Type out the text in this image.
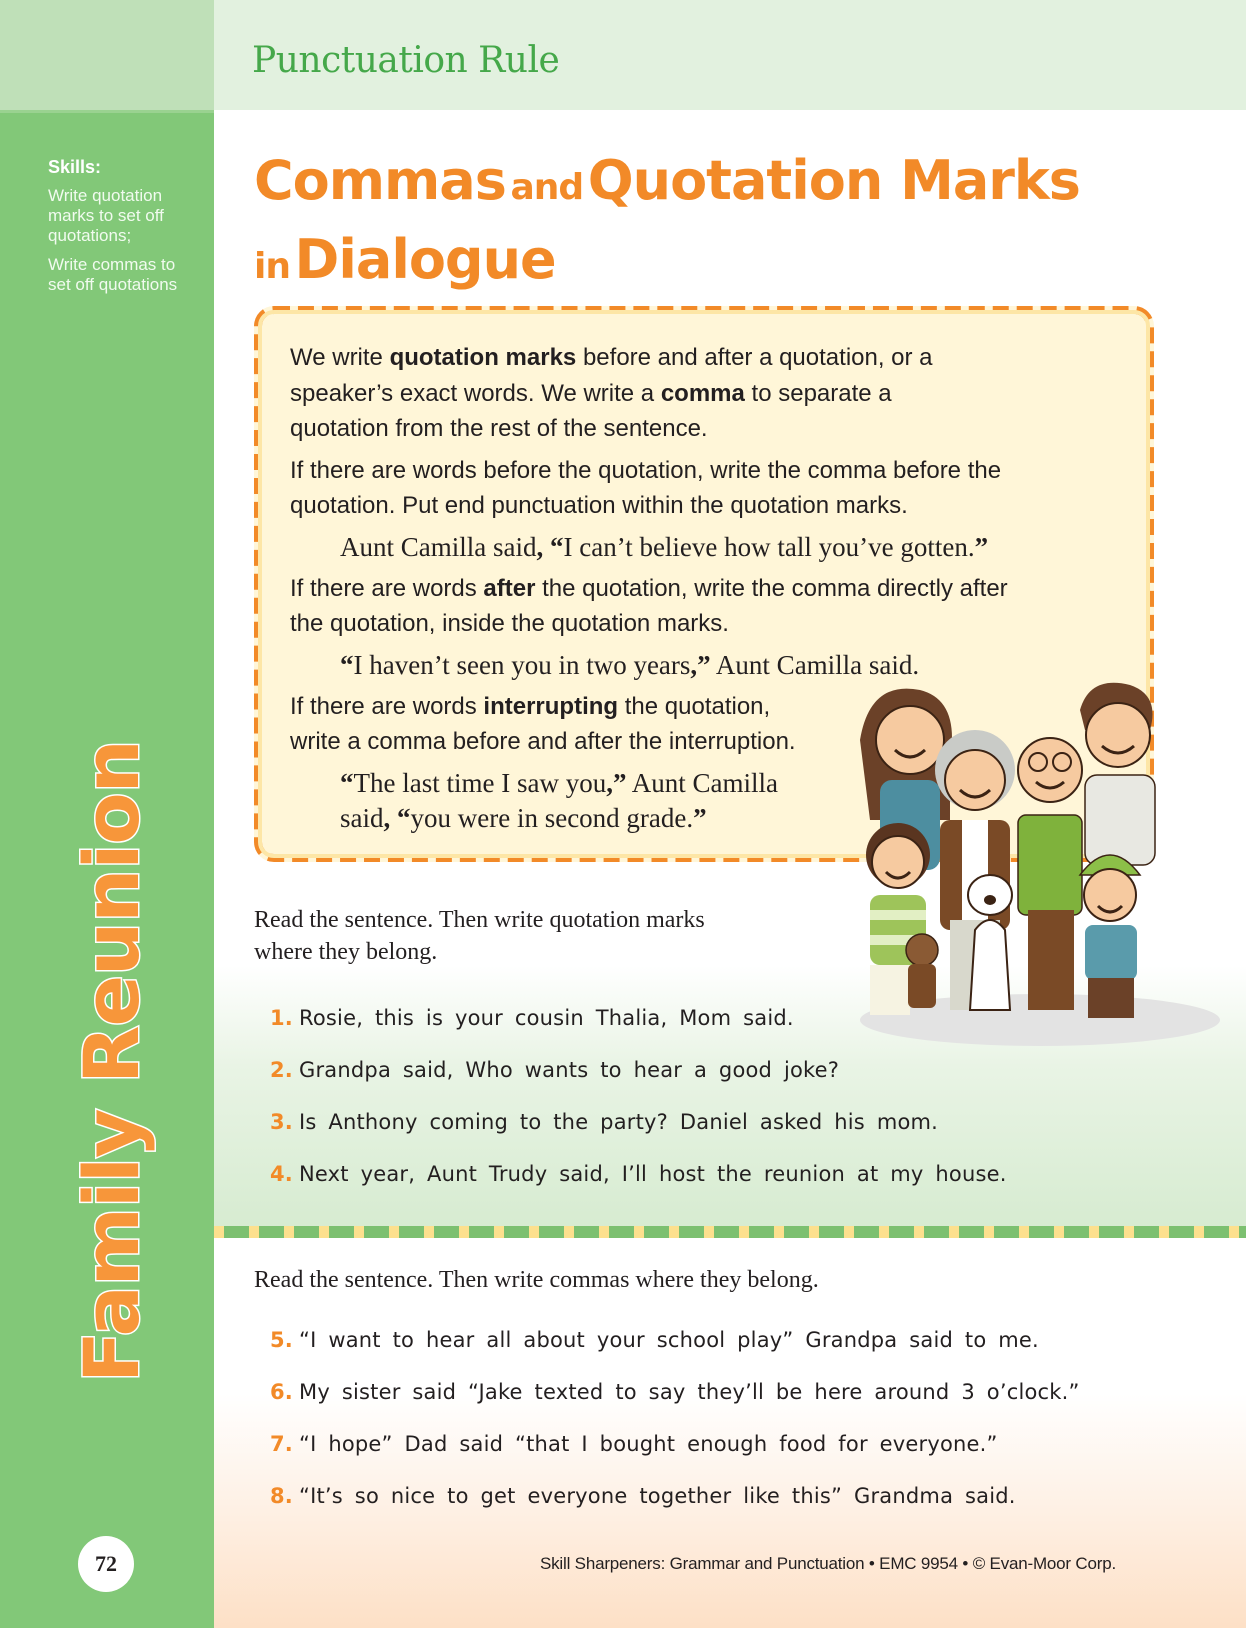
Skills:
Write quotation marks to set off quotations;
Write commas to set off quotations
Family Reunion
72
Punctuation Rule
Commas and Quotation Marks
in Dialogue

We write quotation marks before and after a quotation, or a speaker’s exact words. We write a comma to separate a quotation from the rest of the sentence.

If there are words before the quotation, write the comma before the quotation. Put end punctuation within the quotation marks.

Aunt Camilla said, “I can’t believe how tall you’ve gotten.”

If there are words after the quotation, write the comma directly after the quotation, inside the quotation marks.

“I haven’t seen you in two years,” Aunt Camilla said.

If there are words interrupting the quotation,
write a comma before and after the interruption.

“The last time I saw you,” Aunt Camilla
said, “you were in second grade.”

Read the sentence. Then write quotation marks
where they belong.
1. Rosie, this is your cousin Thalia, Mom said.
2. Grandpa said, Who wants to hear a good joke?
3. Is Anthony coming to the party? Daniel asked his mom.
4. Next year, Aunt Trudy said, I’ll host the reunion at my house.
Read the sentence. Then write commas where they belong.
5. “I want to hear all about your school play” Grandpa said to me.
6. My sister said “Jake texted to say they’ll be here around 3 o’clock.”
7. “I hope” Dad said “that I bought enough food for everyone.”
8. “It’s so nice to get everyone together like this” Grandma said.
Skill Sharpeners: Grammar and Punctuation • EMC 9954 • © Evan-Moor Corp.
